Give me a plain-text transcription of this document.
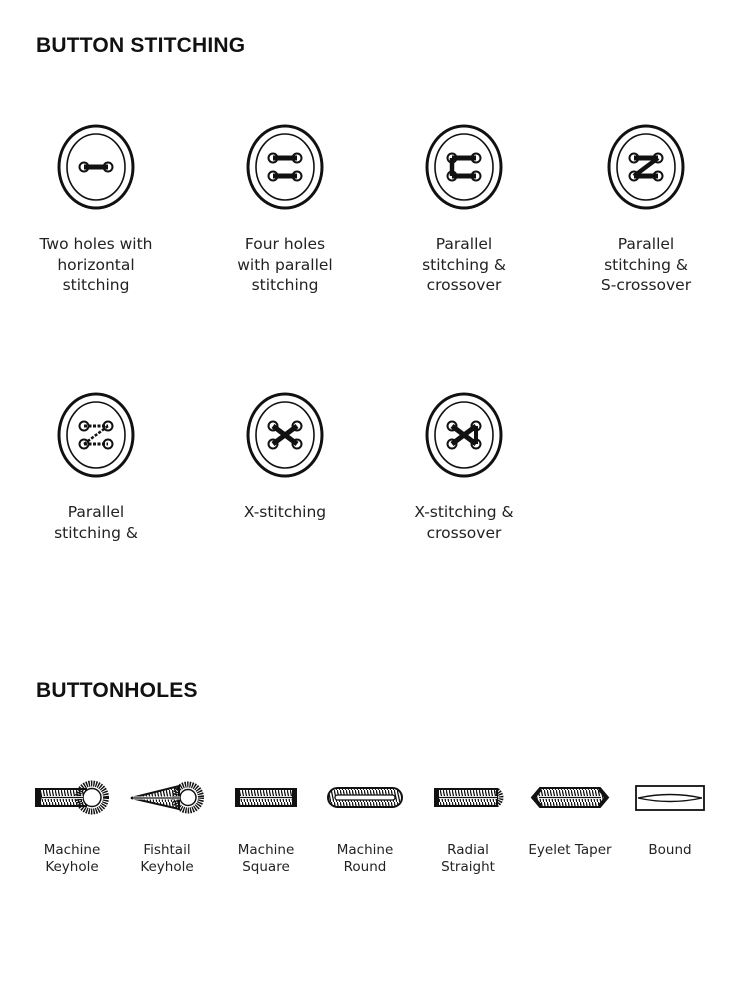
BUTTON STITCHING
Two holes with
horizontal
stitching
Four holes
with parallel
stitching
Parallel
stitching &
crossover
Parallel
stitching &
S-crossover
Parallel
stitching &
X-stitching	X-stitching &
crossover
BUTTONHOLES
Machine
Keyhole
Fishtail
Keyhole
Machine
Square
Machine
Round
Radial
Straight
Eyelet Taper	Bound
